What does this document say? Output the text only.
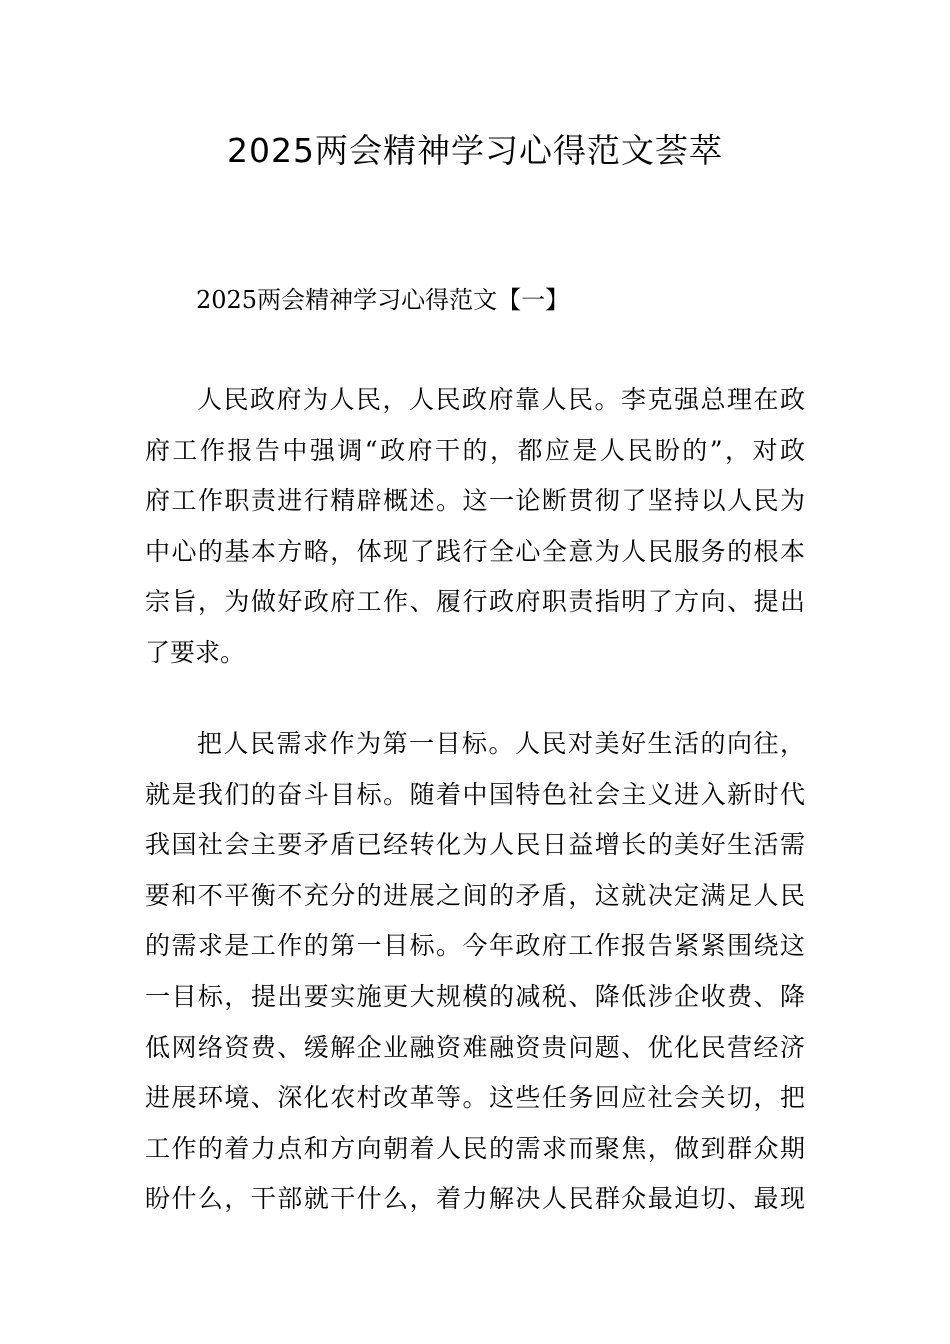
2025两会精神学习心得范文荟萃
2025两会精神学习心得范文【一】

人民政府为人民，人民政府靠人民。李克强总理在政
府工作报告中强调“政府干的，都应是人民盼的”，对政
府工作职责进行精辟概述。这一论断贯彻了坚持以人民为
中心的基本方略，体现了践行全心全意为人民服务的根本
宗旨，为做好政府工作、履行政府职责指明了方向、提出
了要求。

把人民需求作为第一目标。人民对美好生活的向往，
就是我们的奋斗目标。随着中国特色社会主义进入新时代
我国社会主要矛盾已经转化为人民日益增长的美好生活需
要和不平衡不充分的进展之间的矛盾，这就决定满足人民
的需求是工作的第一目标。今年政府工作报告紧紧围绕这
一目标，提出要实施更大规模的减税、降低涉企收费、降
低网络资费、缓解企业融资难融资贵问题、优化民营经济
进展环境、深化农村改革等。这些任务回应社会关切，把
工作的着力点和方向朝着人民的需求而聚焦，做到群众期
盼什么，干部就干什么，着力解决人民群众最迫切、最现
